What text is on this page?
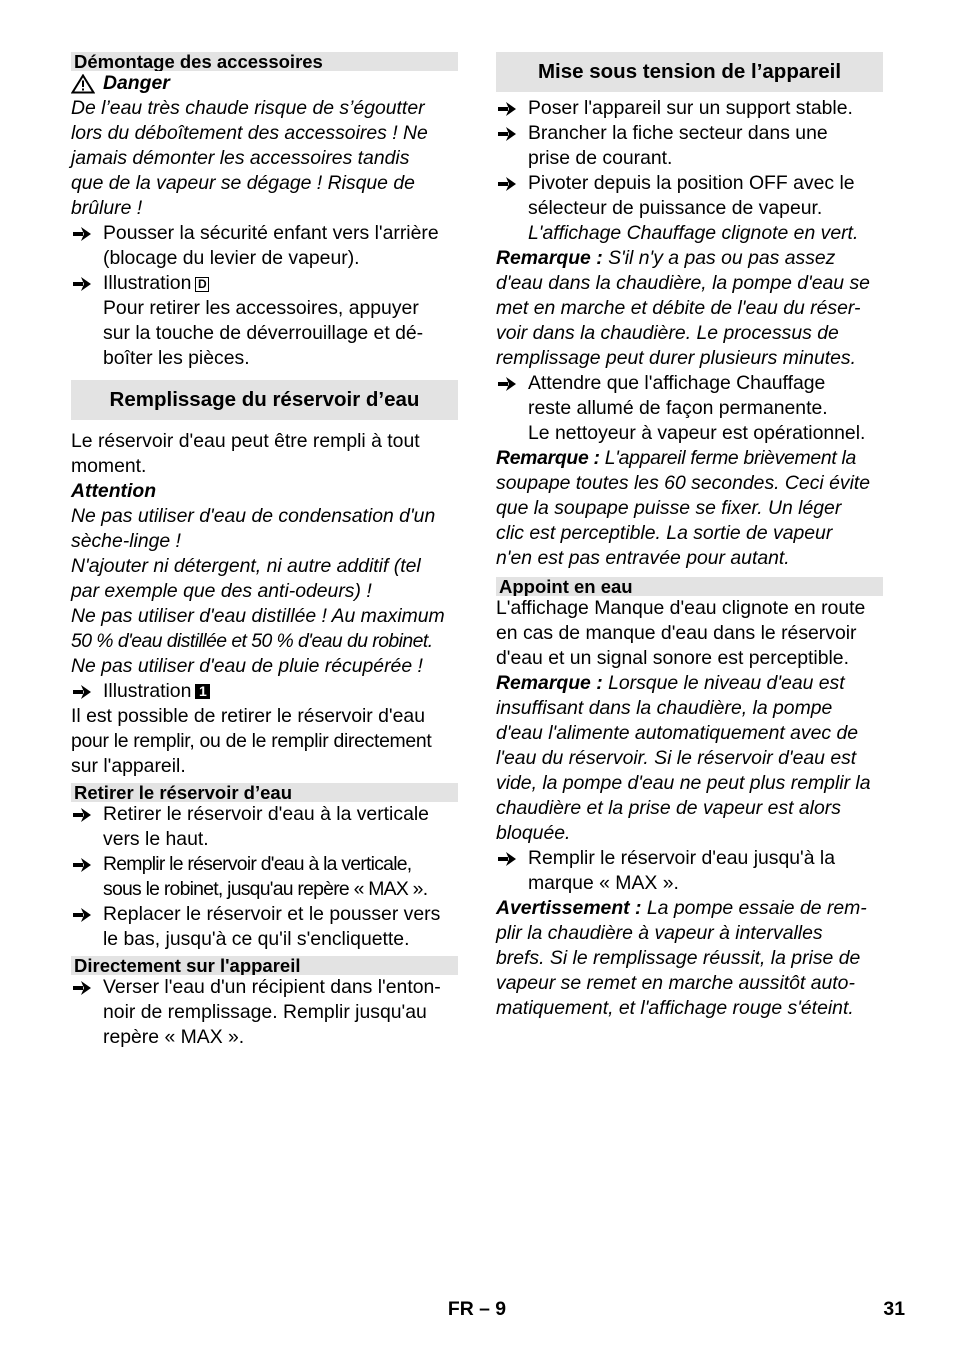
Démontage des accessoires
Danger

De l’eau très chaude risque de s’égoutter

lors du déboîtement des accessoires ! Ne

jamais démonter les accessoires tandis

que de la vapeur se dégage ! Risque de

brûlure !

Pousser la sécurité enfant vers l'arrière

(blocage du levier de vapeur).

Illustration D

Pour retirer les accessoires, appuyer

sur la touche de déverrouillage et dé-

boîter les pièces.

Remplissage du réservoir d’eau

Le réservoir d'eau peut être rempli à tout

moment.

Attention

Ne pas utiliser d'eau de condensation d'un

sèche-linge !

N'ajouter ni détergent, ni autre additif (tel

par exemple que des anti-odeurs) !

Ne pas utiliser d'eau distillée ! Au maximum

50 % d'eau distillée et 50 % d'eau du robinet.

Ne pas utiliser d'eau de pluie récupérée !

Illustration 1

Il est possible de retirer le réservoir d'eau

pour le remplir, ou de le remplir directement

sur l'appareil.

Retirer le réservoir d’eau

Retirer le réservoir d'eau à la verticale

vers le haut.

Remplir le réservoir d'eau à la verticale,

sous le robinet, jusqu'au repère « MAX ».

Replacer le réservoir et le pousser vers

le bas, jusqu'à ce qu'il s'encliquette.

Directement sur l'appareil

Verser l'eau d'un récipient dans l'enton-

noir de remplissage. Remplir jusqu'au

repère « MAX ».

Mise sous tension de l’appareil

Poser l'appareil sur un support stable.

Brancher la fiche secteur dans une

prise de courant.

Pivoter depuis la position OFF avec le

sélecteur de puissance de vapeur.

L'affichage Chauffage clignote en vert.

Remarque : S'il n'y a pas ou pas assez

d'eau dans la chaudière, la pompe d'eau se

met en marche et débite de l'eau du réser-

voir dans la chaudière. Le processus de

remplissage peut durer plusieurs minutes.

Attendre que l'affichage Chauffage

reste allumé de façon permanente.

Le nettoyeur à vapeur est opérationnel.

Remarque : L'appareil ferme brièvement la

soupape toutes les 60 secondes. Ceci évite

que la soupape puisse se fixer. Un léger

clic est perceptible. La sortie de vapeur

n'en est pas entravée pour autant.

Appoint en eau

L'affichage Manque d'eau clignote en route

en cas de manque d'eau dans le réservoir

d'eau et un signal sonore est perceptible.

Remarque : Lorsque le niveau d'eau est

insuffisant dans la chaudière, la pompe

d'eau l'alimente automatiquement avec de

l'eau du réservoir. Si le réservoir d'eau est

vide, la pompe d'eau ne peut plus remplir la

chaudière et la prise de vapeur est alors

bloquée.

Remplir le réservoir d'eau jusqu'à la

marque « MAX ».

Avertissement : La pompe essaie de rem-

plir la chaudière à vapeur à intervalles

brefs. Si le remplissage réussit, la prise de

vapeur se remet en marche aussitôt auto-

matiquement, et l'affichage rouge s'éteint.

FR – 9	31
